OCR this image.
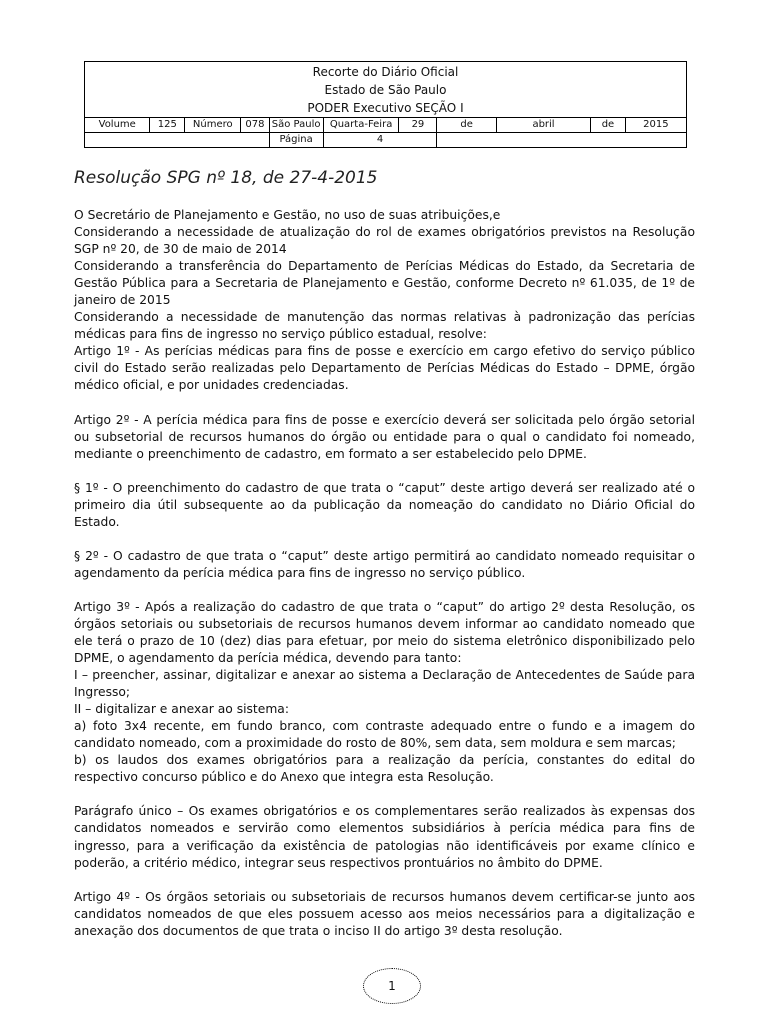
Recorte do Diário Oficial
Estado de São Paulo
PODER Executivo SEÇÃO I
Volume	125	Número	078	São Paulo	Quarta-Feira	29	de	abril	de	2015
				Página	4					
Resolução SPG nº 18, de 27-4-2015

O Secretário de Planejamento e Gestão, no uso de suas atribuições,e

Considerando a necessidade de atualização do rol de exames obrigatórios previstos na Resolução SGP nº 20, de 30 de maio de 2014

Considerando a transferência do Departamento de Perícias Médicas do Estado, da Secretaria de Gestão Pública para a Secretaria de Planejamento e Gestão, conforme Decreto nº 61.035, de 1º de janeiro de 2015

Considerando a necessidade de manutenção das normas relativas à padronização das perícias médicas para fins de ingresso no serviço público estadual, resolve:

Artigo 1º - As perícias médicas para fins de posse e exercício em cargo efetivo do serviço público civil do Estado serão realizadas pelo Departamento de Perícias Médicas do Estado – DPME, órgão médico oficial, e por unidades credenciadas.

Artigo 2º - A perícia médica para fins de posse e exercício deverá ser solicitada pelo órgão setorial ou subsetorial de recursos humanos do órgão ou entidade para o qual o candidato foi nomeado, mediante o preenchimento de cadastro, em formato a ser estabelecido pelo DPME.

§ 1º - O preenchimento do cadastro de que trata o “caput” deste artigo deverá ser realizado até o primeiro dia útil subsequente ao da publicação da nomeação do candidato no Diário Oficial do Estado.

§ 2º - O cadastro de que trata o “caput” deste artigo permitirá ao candidato nomeado requisitar o agendamento da perícia médica para fins de ingresso no serviço público.

Artigo 3º - Após a realização do cadastro de que trata o “caput” do artigo 2º desta Resolução, os órgãos setoriais ou subsetoriais de recursos humanos devem informar ao candidato nomeado que ele terá o prazo de 10 (dez) dias para efetuar, por meio do sistema eletrônico disponibilizado pelo DPME, o agendamento da perícia médica, devendo para tanto:

I – preencher, assinar, digitalizar e anexar ao sistema a Declaração de Antecedentes de Saúde para Ingresso;

II – digitalizar e anexar ao sistema:

a) foto 3x4 recente, em fundo branco, com contraste adequado entre o fundo e a imagem do candidato nomeado, com a proximidade do rosto de 80%, sem data, sem moldura e sem marcas;

b) os laudos dos exames obrigatórios para a realização da perícia, constantes do edital do respectivo concurso público e do Anexo que integra esta Resolução.

Parágrafo único – Os exames obrigatórios e os complementares serão realizados às expensas dos candidatos nomeados e servirão como elementos subsidiários à perícia médica para fins de ingresso, para a verificação da existência de patologias não identificáveis por exame clínico e poderão, a critério médico, integrar seus respectivos prontuários no âmbito do DPME.

Artigo 4º - Os órgãos setoriais ou subsetoriais de recursos humanos devem certificar-se junto aos candidatos nomeados de que eles possuem acesso aos meios necessários para a digitalização e anexação dos documentos de que trata o inciso II do artigo 3º desta resolução.

1
